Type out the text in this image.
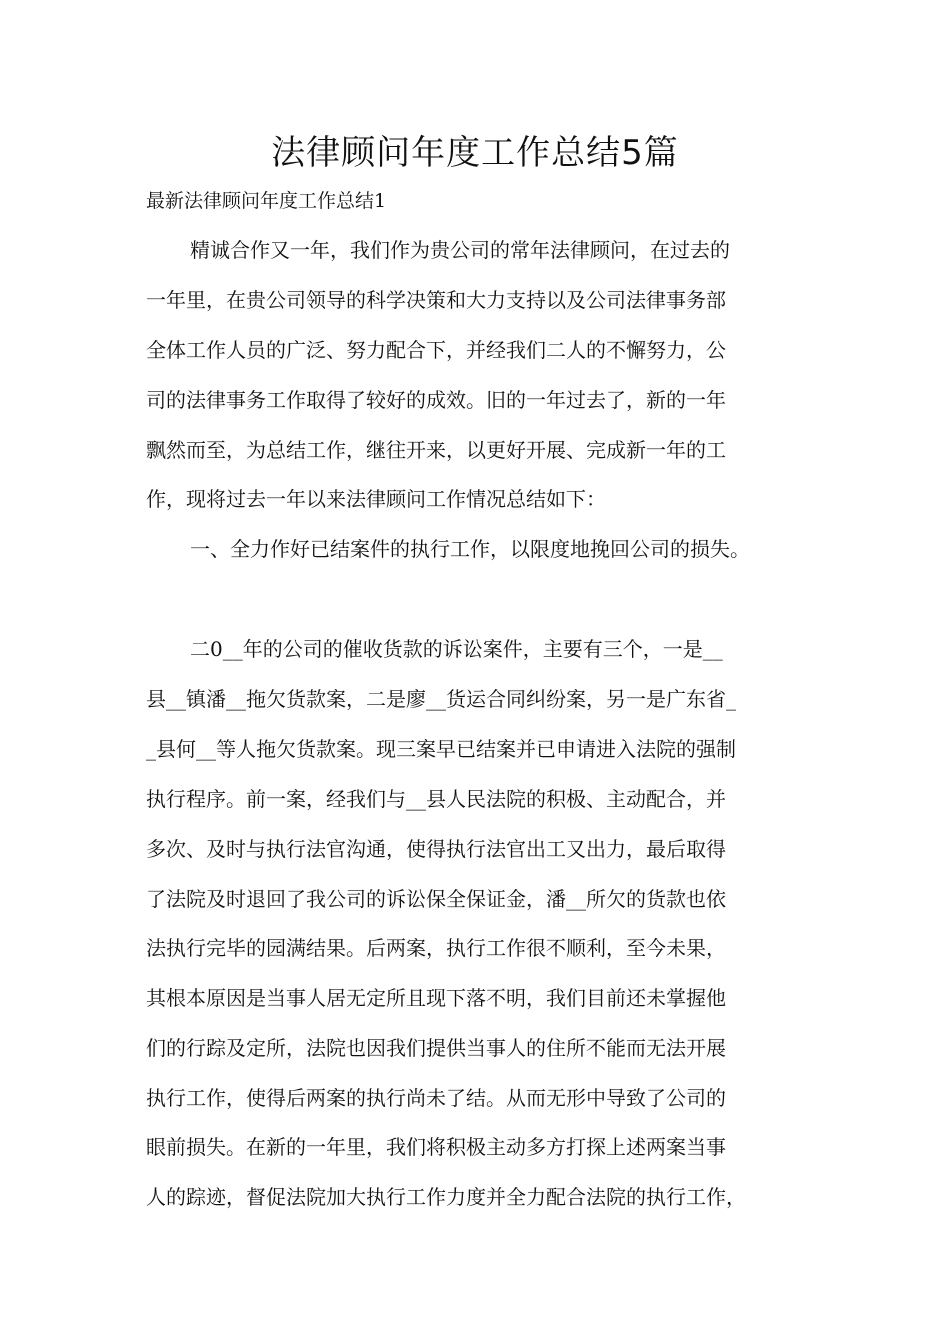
法律顾问年度工作总结5篇
最新法律顾问年度工作总结1
精诚合作又一年，我们作为贵公司的常年法律顾问，在过去的
一年里，在贵公司领导的科学决策和大力支持以及公司法律事务部
全体工作人员的广泛、努力配合下，并经我们二人的不懈努力，公
司的法律事务工作取得了较好的成效。旧的一年过去了，新的一年
飘然而至，为总结工作，继往开来，以更好开展、完成新一年的工
作，现将过去一年以来法律顾问工作情况总结如下：
一、全力作好已结案件的执行工作，以限度地挽回公司的损失。
二0__年的公司的催收货款的诉讼案件，主要有三个，一是__
县__镇潘__拖欠货款案，二是廖__货运合同纠纷案，另一是广东省_
_县何__等人拖欠货款案。现三案早已结案并已申请进入法院的强制
执行程序。前一案，经我们与__县人民法院的积极、主动配合，并
多次、及时与执行法官沟通，使得执行法官出工又出力，最后取得
了法院及时退回了我公司的诉讼保全保证金，潘__所欠的货款也依
法执行完毕的园满结果。后两案，执行工作很不顺利，至今未果，
其根本原因是当事人居无定所且现下落不明，我们目前还未掌握他
们的行踪及定所，法院也因我们提供当事人的住所不能而无法开展
执行工作，使得后两案的执行尚未了结。从而无形中导致了公司的
眼前损失。在新的一年里，我们将积极主动多方打探上述两案当事
人的踪迹，督促法院加大执行工作力度并全力配合法院的执行工作，
